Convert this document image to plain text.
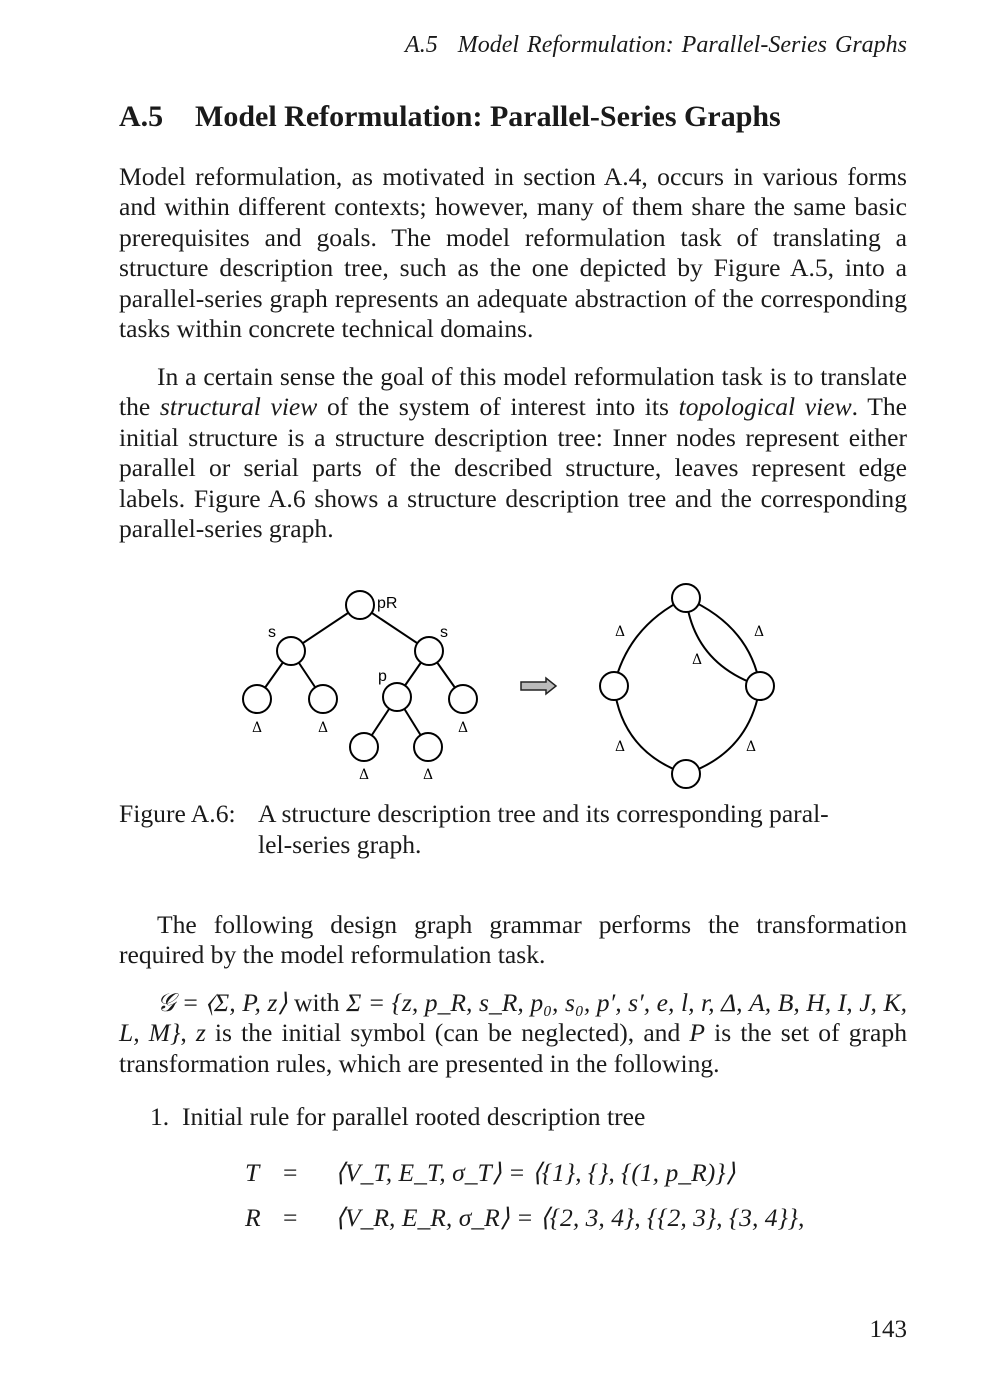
A.5 Model Reformulation: Parallel-Series Graphs
A.5 Model Reformulation: Parallel-Series Graphs

Model reformulation, as motivated in section A.4, occurs in various forms and within different contexts; however, many of them share the same basic prerequisites and goals. The model reformulation task of translating a structure description tree, such as the one depicted by Figure A.5, into a parallel-series graph represents an adequate abstraction of the corresponding tasks within concrete technical domains.

In a certain sense the goal of this model reformulation task is to translate the structural view of the system of interest into its topological view. The initial structure is a structure description tree: Inner nodes represent either parallel or serial parts of the described structure, leaves represent edge labels. Figure A.6 shows a structure description tree and the corresponding parallel-series graph.

pR
s	s
p
Δ	Δ	Δ
Δ	Δ
Δ	Δ
Δ
Δ	Δ
Figure A.6: A structure description tree and its corresponding paral-
lel-series graph.

The following design graph grammar performs the transformation required by the model reformulation task.

𝒢 = ⟨Σ, P, z⟩ with Σ = {z, p_R, s_R, p₀, s₀, p′, s′, e, l, r, Δ, A, B, H, I, J, K, L, M}, z is the initial symbol (can be neglected), and P is the set of graph transformation rules, which are presented in the following.

1. Initial rule for parallel rooted description tree
T = ⟨V_T, E_T, σ_T⟩ = ⟨{1}, {}, {(1, p_R)}⟩
R = ⟨V_R, E_R, σ_R⟩ = ⟨{2, 3, 4}, {{2, 3}, {3, 4}},
143
